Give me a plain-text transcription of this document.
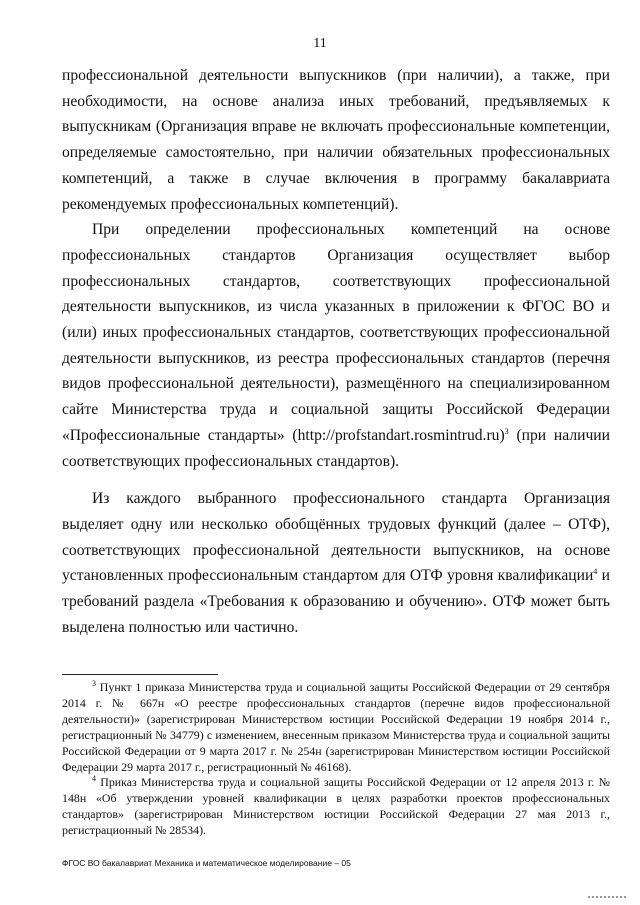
11

профессиональной деятельности выпускников (при наличии), а также, при необходимости, на основе анализа иных требований, предъявляемых к выпускникам (Организация вправе не включать профессиональные компетенции, определяемые самостоятельно, при наличии обязательных профессиональных компетенций, а также в случае включения в программу бакалавриата рекомендуемых профессиональных компетенций).

При определении профессиональных компетенций на основе профессиональных стандартов Организация осуществляет выбор профессиональных стандартов, соответствующих профессиональной деятельности выпускников, из числа указанных в приложении к ФГОС ВО и (или) иных профессиональных стандартов, соответствующих профессиональной деятельности выпускников, из реестра профессиональных стандартов (перечня видов профессиональной деятельности), размещённого на специализированном сайте Министерства труда и социальной защиты Российской Федерации «Профессиональные стандарты» (http://profstandart.rosmintrud.ru)$^3$ (при наличии соответствующих профессиональных стандартов).

Из каждого выбранного профессионального стандарта Организация выделяет одну или несколько обобщённых трудовых функций (далее – ОТФ), соответствующих профессиональной деятельности выпускников, на основе установленных профессиональным стандартом для ОТФ уровня квалификации$^4$ и требований раздела «Требования к образованию и обучению». ОТФ может быть выделена полностью или частично.

$^3$ Пункт 1 приказа Министерства труда и социальной защиты Российской Федерации от 29 сентября 2014 г. № 667н «О реестре профессиональных стандартов (перечне видов профессиональной деятельности)» (зарегистрирован Министерством юстиции Российской Федерации 19 ноября 2014 г., регистрационный № 34779) с изменением, внесенным приказом Министерства труда и социальной защиты Российской Федерации от 9 марта 2017 г. № 254н (зарегистрирован Министерством юстиции Российской Федерации 29 марта 2017 г., регистрационный № 46168).

$^4$ Приказ Министерства труда и социальной защиты Российской Федерации от 12 апреля 2013 г. № 148н «Об утверждении уровней квалификации в целях разработки проектов профессиональных стандартов» (зарегистрирован Министерством юстиции Российской Федерации 27 мая 2013 г., регистрационный № 28534).

ФГОС ВО бакалавриат Механика и математическое моделирование – 05
